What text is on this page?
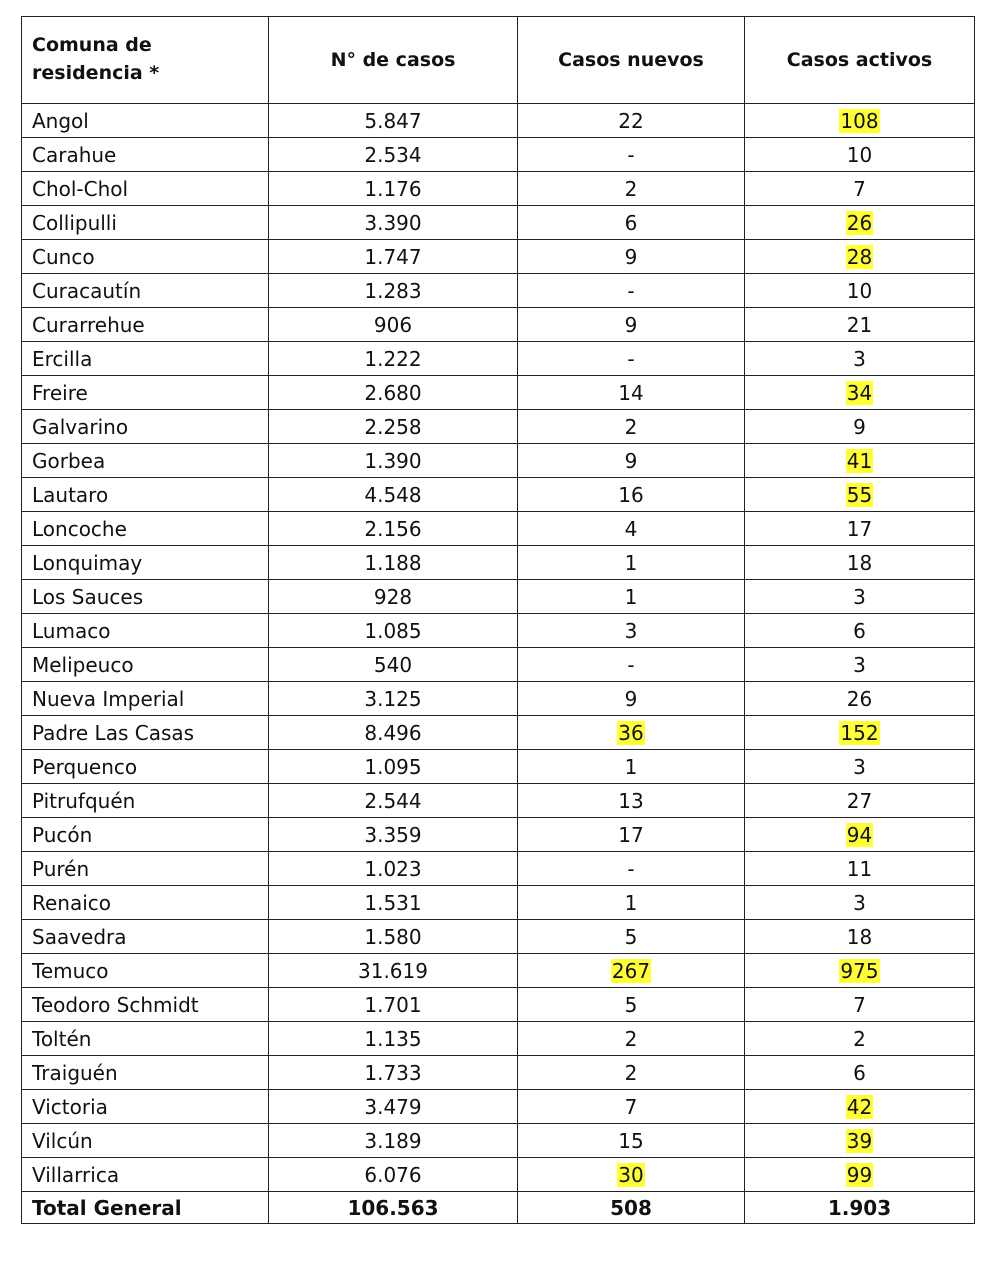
Comuna de residencia *	N° de casos	Casos nuevos	Casos activos
Angol	5.847	22	108
Carahue	2.534	-	10
Chol-Chol	1.176	2	7
Collipulli	3.390	6	26
Cunco	1.747	9	28
Curacautín	1.283	-	10
Curarrehue	906	9	21
Ercilla	1.222	-	3
Freire	2.680	14	34
Galvarino	2.258	2	9
Gorbea	1.390	9	41
Lautaro	4.548	16	55
Loncoche	2.156	4	17
Lonquimay	1.188	1	18
Los Sauces	928	1	3
Lumaco	1.085	3	6
Melipeuco	540	-	3
Nueva Imperial	3.125	9	26
Padre Las Casas	8.496	36	152
Perquenco	1.095	1	3
Pitrufquén	2.544	13	27
Pucón	3.359	17	94
Purén	1.023	-	11
Renaico	1.531	1	3
Saavedra	1.580	5	18
Temuco	31.619	267	975
Teodoro Schmidt	1.701	5	7
Toltén	1.135	2	2
Traiguén	1.733	2	6
Victoria	3.479	7	42
Vilcún	3.189	15	39
Villarrica	6.076	30	99
Total General	106.563	508	1.903
